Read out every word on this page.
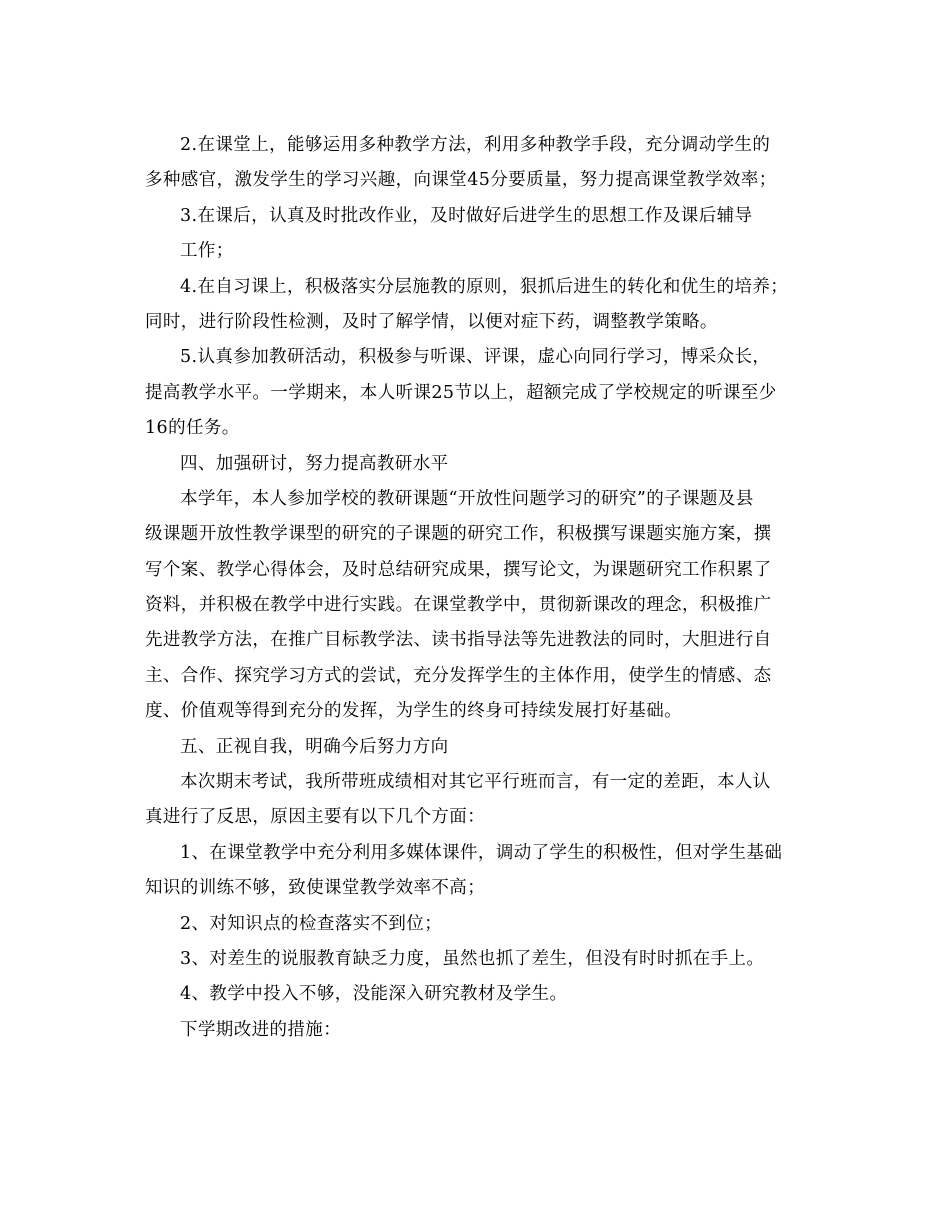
2.在课堂上，能够运用多种教学方法，利用多种教学手段，充分调动学生的
多种感官，激发学生的学习兴趣，向课堂45分要质量，努力提高课堂教学效率；
3.在课后，认真及时批改作业，及时做好后进学生的思想工作及课后辅导
工作；
4.在自习课上，积极落实分层施教的原则，狠抓后进生的转化和优生的培养；
同时，进行阶段性检测，及时了解学情，以便对症下药，调整教学策略。
5.认真参加教研活动，积极参与听课、评课，虚心向同行学习，博采众长，
提高教学水平。一学期来，本人听课25节以上，超额完成了学校规定的听课至少
16的任务。
四、加强研讨，努力提高教研水平
本学年，本人参加学校的教研课题“开放性问题学习的研究”的子课题及县
级课题开放性教学课型的研究的子课题的研究工作，积极撰写课题实施方案，撰
写个案、教学心得体会，及时总结研究成果，撰写论文，为课题研究工作积累了
资料，并积极在教学中进行实践。在课堂教学中，贯彻新课改的理念，积极推广
先进教学方法，在推广目标教学法、读书指导法等先进教法的同时，大胆进行自
主、合作、探究学习方式的尝试，充分发挥学生的主体作用，使学生的情感、态
度、价值观等得到充分的发挥，为学生的终身可持续发展打好基础。
五、正视自我，明确今后努力方向
本次期末考试，我所带班成绩相对其它平行班而言，有一定的差距，本人认
真进行了反思，原因主要有以下几个方面：
1、在课堂教学中充分利用多媒体课件，调动了学生的积极性，但对学生基础
知识的训练不够，致使课堂教学效率不高；
2、对知识点的检查落实不到位；
3、对差生的说服教育缺乏力度，虽然也抓了差生，但没有时时抓在手上。
4、教学中投入不够，没能深入研究教材及学生。
下学期改进的措施：
